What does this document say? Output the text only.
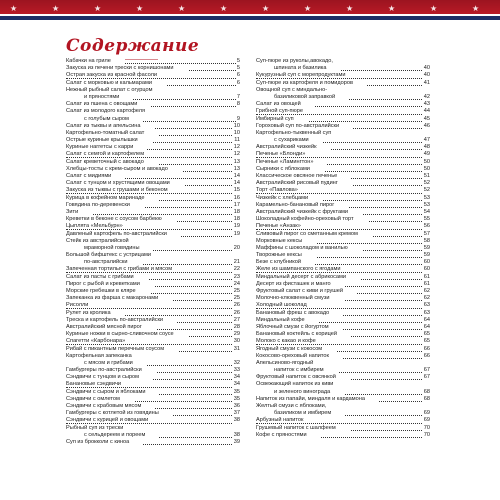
★	★	★	★	★	★	★	★	★	★	★	★
Содержание
Кабачки на гриле	5
Закуска из печени трески с корнишонами	5
Острая закуска из красной фасоли	6
Салат с морковью и кальмарами	6
Нежный рыбный салат с огурцом
и пряностями	7
Салат из пшена с овощами	8
Салат из молодого картофеля
с голубым сыром	9
Салат из тыквы и апельсина	10
Картофельно-томатный салат	10
Острые куриные крылышки	11
Куриные наггетсы с карри	12
Салат с семгой и картофелем	12
Салат креветочный с авокадо	13
Хлебцы-тосты с крем-сыром и авокадо	13
Салат с мидиями	14
Салат с тунцом и хрустящими овощами	14
Закуска из тыквы с грушами и беконом	15
Курица в кофейном маринаде	16
Говядина по-деревенски	17
Зити	18
Креветки в беконе с соусом барбекю	18
Цыплята «Мельбурн»	19
Давленый картофель по-австралийски	19
Стейк из австралийской
мраморной говядины	20
Большой бифштекс с устрицами
по-австралийски	21
Запеченная тортилья с грибами и мясом	22
Салат из пасты с грибами	23
Пирог с рыбой и креветками	24
Морские гребешки в кляре	25
Запеканка из фарша с макаронами	25
Рисолли	26
Рулет из кролика	26
Треска и картофель по-австралийски	27
Австралийский мясной пирог	28
Куриные ножки в сырно-сливочном соусе	29
Спагетти «Карбонара»	30
Рибай с пикантным перечным соусом	31
Картофельная запеканка
с мясом и грибами	32
Гамбургеры по-австралийски	33
Сэндвичи с тунцом и сыром	34
Банановые сэндвичи	34
Сэндвичи с сыром и яблоками	35
Сэндвичи с омлетом	35
Сэндвичи с крабовым мясом	36
Гамбургеры с котлетой из говядины	37
Сэндвичи с курицей и овощами	38
Рыбный суп из трески
с сельдереем и пореем	38
Суп из брокколи с киноа	39
Суп-пюре из руколы,авокадо,
шпината и базилика	40
Кукурузный суп с морепродуктами	40
Суп-пюре из картофеля и помидоров	41
Овощной суп с миндально-
базиликовой заправкой	42
Салат из овощей	43
Грибной суп-пюре	44
Имбирный суп	45
Гороховый суп по-австралийски	46
Картофельно-тыквенный суп
с сухариками	47
Австралийский чизкейк	48
Печенье «Блонди»	49
Печенье «Ламингтон»	50
Сырники с яблоками	50
Классическое овсяное печенье	51
Австралийский рисовый пудинг	52
Торт «Павлова»	52
Чизкейк с хлебцами	53
Карамельно-банановый пирог	53
Австралийский чизкейк с фруктами	54
Шоколадный кофейно-ореховый торт	55
Печенье «Анзак»	56
Сливовый пирог со сметанным кремом	57
Морковные кексы	58
Маффины с шоколадом и ванилью	59
Творожные кексы	59
Безе с клубникой	60
Желе из шампанского с ягодами	60
Миндальный десерт с абрикосами	61
Десерт из фисташек и манго	61
Фруктовый салат с киви и грушей	62
Молочно-клюквенный смузи	62
Холодный шоколад	63
Банановый фреш с авокадо	63
Миндальный кофе	64
Яблочный смузи с йогуртом	64
Банановый коктейль с корицей	65
Молоко с какао и кофе	65
Ягодный смузи с кокосом	66
Кокосово-ореховый напиток	66
Апельсиново-ягодный
напиток с имбирем	67
Фруктовый напиток с овсянкой	67
Освежающий напиток из киви
и зеленого винограда	68
Напиток из папайи, миндаля и кардамона	68
Желтый смузи с яблоками,
базиликом и имбирем	69
Арбузный напиток	69
Грушевый напиток с шалфеем	70
Кофе с пряностями	70
